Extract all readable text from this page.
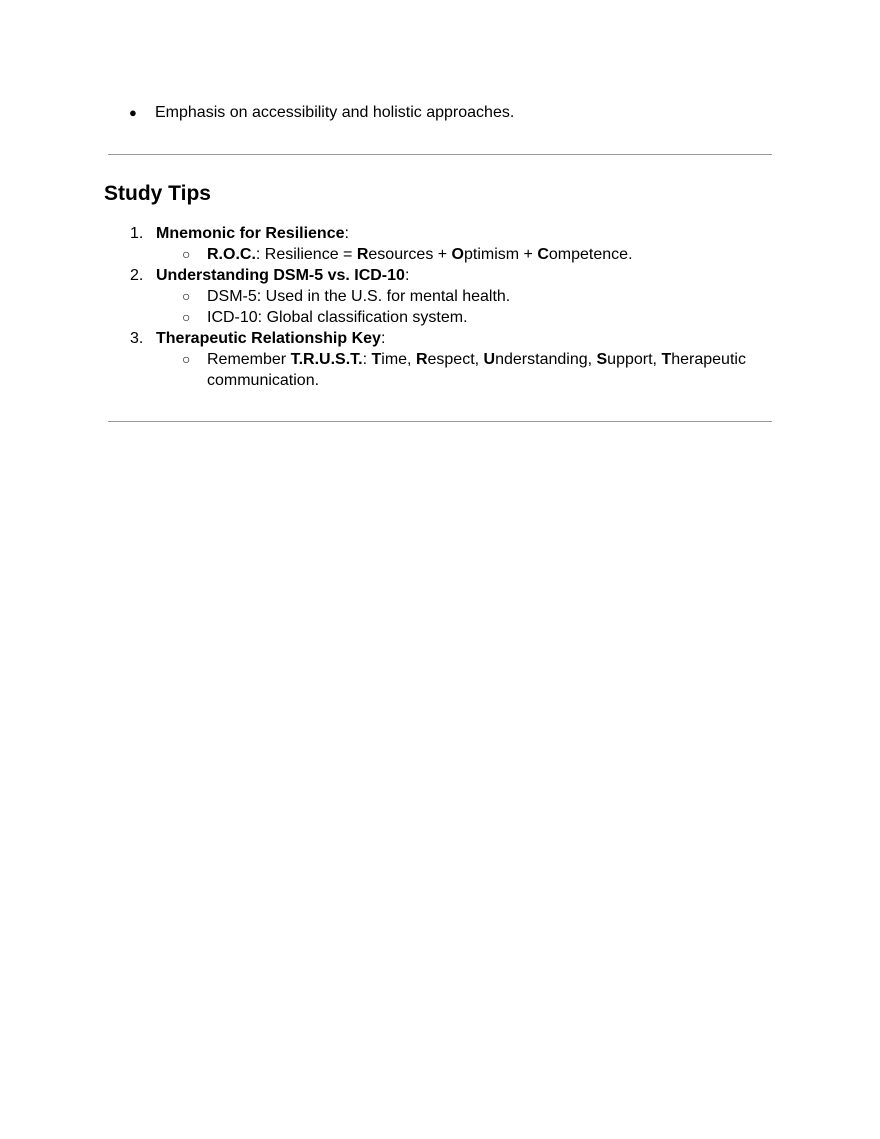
●	Emphasis on accessibility and holistic approaches.
Study Tips
1. Mnemonic for Resilience:
○ R.O.C.: Resilience = Resources + Optimism + Competence.
2. Understanding DSM-5 vs. ICD-10:
○ DSM-5: Used in the U.S. for mental health.
○ ICD-10: Global classification system.
3. Therapeutic Relationship Key:
○ Remember T.R.U.S.T.: Time, Respect, Understanding, Support, Therapeutic communication.
